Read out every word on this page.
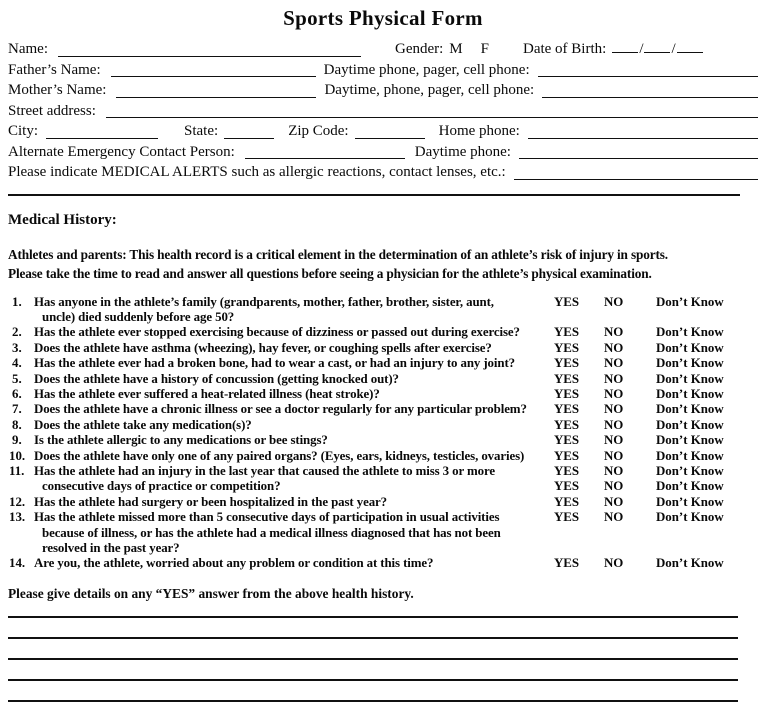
Sports Physical Form
Name:	Gender: M F Date of Birth: / /
Father’s Name:	Daytime phone, pager, cell phone:
Mother’s Name:	Daytime, phone, pager, cell phone:
Street address:
City:	State:	Zip Code:	Home phone:
Alternate Emergency Contact Person:	Daytime phone:
Please indicate MEDICAL ALERTS such as allergic reactions, contact lenses, etc.:
Medical History:
Athletes and parents: This health record is a critical element in the determination of an athlete’s risk of injury in sports.
Please take the time to read and answer all questions before seeing a physician for the athlete’s physical examination.
1. Has anyone in the athlete’s family (grandparents, mother, father, brother, sister, aunt,
uncle) died suddenly before age 50?
YES	NO	Don’t Know
2. Has the athlete ever stopped exercising because of dizziness or passed out during exercise?	YES	NO	Don’t Know
3. Does the athlete have asthma (wheezing), hay fever, or coughing spells after exercise?	YES	NO	Don’t Know
4. Has the athlete ever had a broken bone, had to wear a cast, or had an injury to any joint?	YES	NO	Don’t Know
5. Does the athlete have a history of concussion (getting knocked out)?	YES	NO	Don’t Know
6. Has the athlete ever suffered a heat-related illness (heat stroke)?	YES	NO	Don’t Know
7. Does the athlete have a chronic illness or see a doctor regularly for any particular problem?	YES	NO	Don’t Know
8. Does the athlete take any medication(s)?	YES	NO	Don’t Know
9. Is the athlete allergic to any medications or bee stings?	YES	NO	Don’t Know
10. Does the athlete have only one of any paired organs? (Eyes, ears, kidneys, testicles, ovaries)	YES	NO	Don’t Know
11. Has the athlete had an injury in the last year that caused the athlete to miss 3 or more
consecutive days of practice or competition?
YES	NO	Don’t Know
YES	NO	Don’t Know
12. Has the athlete had surgery or been hospitalized in the past year?	YES	NO	Don’t Know
13. Has the athlete missed more than 5 consecutive days of participation in usual activities
because of illness, or has the athlete had a medical illness diagnosed that has not been
resolved in the past year?
YES	NO	Don’t Know
14. Are you, the athlete, worried about any problem or condition at this time?	YES	NO	Don’t Know
Please give details on any “YES” answer from the above health history.
